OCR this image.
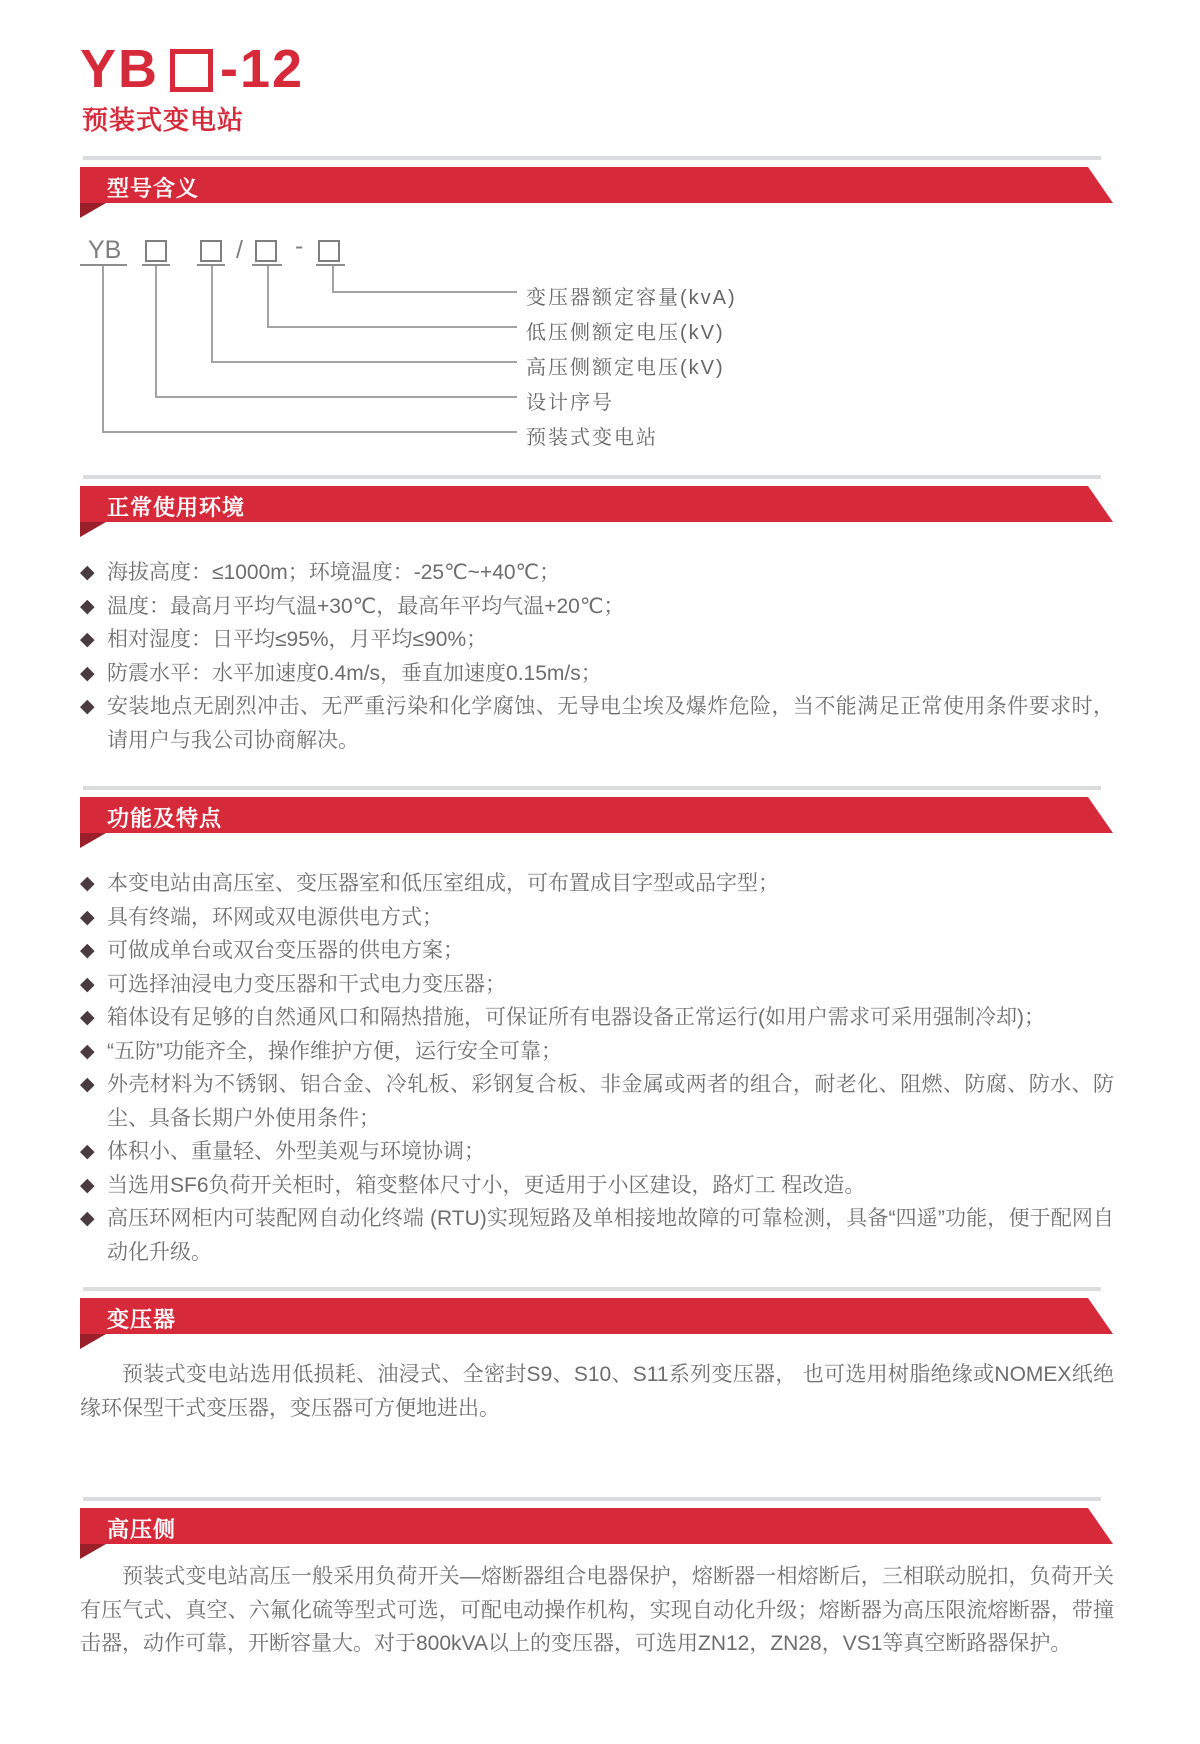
YB -12
预装式变电站
型号含义
YB	/ -
变压器额定容量(kvA)
低压侧额定电压(kV)
高压侧额定电压(kV)
设计序号
预装式变电站
正常使用环境
◆ 海拔高度：≤1000m；环境温度：-25℃~+40℃；
◆ 温度：最高月平均气温+30℃，最高年平均气温+20℃；
◆ 相对湿度：日平均≤95%，月平均≤90%；
◆ 防震水平：水平加速度0.4m/s，垂直加速度0.15m/s；
◆ 安装地点无剧烈冲击、无严重污染和化学腐蚀、无导电尘埃及爆炸危险，当不能满足正常使用条件要求时，请用户与我公司协商解决。
功能及特点
◆ 本变电站由高压室、变压器室和低压室组成，可布置成目字型或品字型；
◆ 具有终端，环网或双电源供电方式；
◆ 可做成单台或双台变压器的供电方案；
◆ 可选择油浸电力变压器和干式电力变压器；
◆ 箱体设有足够的自然通风口和隔热措施，可保证所有电器设备正常运行(如用户需求可采用强制冷却)；
◆ “五防”功能齐全，操作维护方便，运行安全可靠；
◆ 外壳材料为不锈钢、铝合金、冷轧板、彩钢复合板、非金属或两者的组合，耐老化、阻燃、防腐、防水、防尘、具备长期户外使用条件；
◆ 体积小、重量轻、外型美观与环境协调；
◆ 当选用SF6负荷开关柜时，箱变整体尺寸小，更适用于小区建设，路灯工 程改造。
◆ 高压环网柜内可装配网自动化终端 (RTU)实现短路及单相接地故障的可靠检测，具备“四遥”功能，便于配网自动化升级。
变压器

预装式变电站选用低损耗、油浸式、全密封S9、S10、S11系列变压器， 也可选用树脂绝缘或NOMEX纸绝缘环保型干式变压器，变压器可方便地进出。

高压侧

预装式变电站高压一般采用负荷开关—熔断器组合电器保护，熔断器一相熔断后，三相联动脱扣，负荷开关有压气式、真空、六氟化硫等型式可选，可配电动操作机构，实现自动化升级；熔断器为高压限流熔断器，带撞击器，动作可靠，开断容量大。对于800kVA以上的变压器，可选用ZN12，ZN28，VS1等真空断路器保护。
